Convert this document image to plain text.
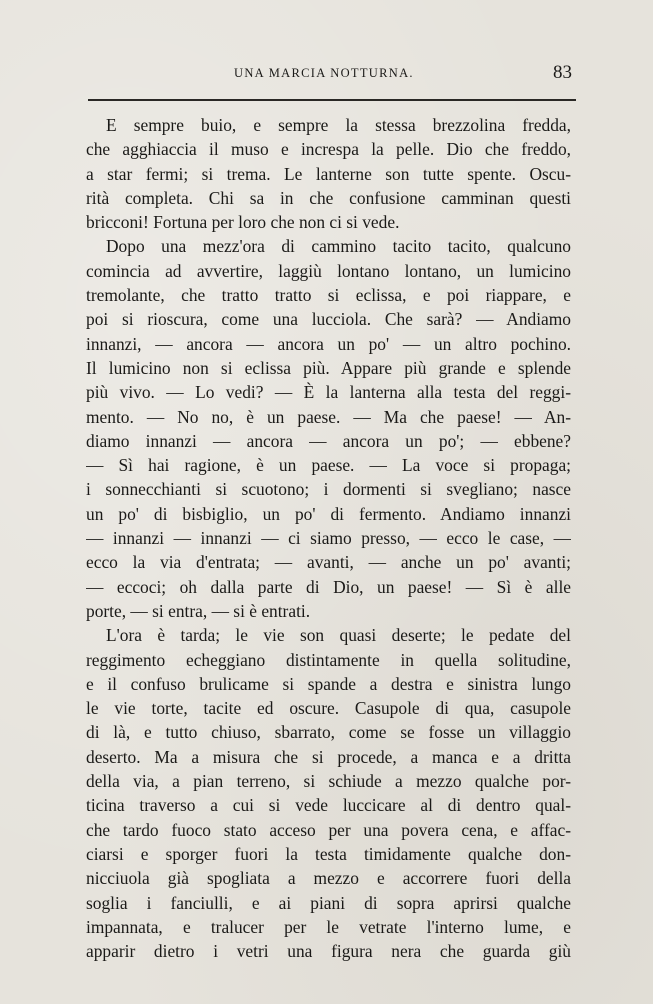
UNA MARCIA NOTTURNA.	83
E sempre buio, e sempre la stessa brezzolina fredda,
che agghiaccia il muso e increspa la pelle. Dio che freddo,
a star fermi; si trema. Le lanterne son tutte spente. Oscu-
rità completa. Chi sa in che confusione camminan questi
bricconi! Fortuna per loro che non ci si vede.
Dopo una mezz'ora di cammino tacito tacito, qualcuno
comincia ad avvertire, laggiù lontano lontano, un lumicino
tremolante, che tratto tratto si eclissa, e poi riappare, e
poi si rioscura, come una lucciola. Che sarà? — Andiamo
innanzi, — ancora — ancora un po' — un altro pochino.
Il lumicino non si eclissa più. Appare più grande e splende
più vivo. — Lo vedi? — È la lanterna alla testa del reggi-
mento. — No no, è un paese. — Ma che paese! — An-
diamo innanzi — ancora — ancora un po'; — ebbene?
— Sì hai ragione, è un paese. — La voce si propaga;
i sonnecchianti si scuotono; i dormenti si svegliano; nasce
un po' di bisbiglio, un po' di fermento. Andiamo innanzi
— innanzi — innanzi — ci siamo presso, — ecco le case, —
ecco la via d'entrata; — avanti, — anche un po' avanti;
— eccoci; oh dalla parte di Dio, un paese! — Sì è alle
porte, — si entra, — si è entrati.
L'ora è tarda; le vie son quasi deserte; le pedate del
reggimento echeggiano distintamente in quella solitudine,
e il confuso brulicame si spande a destra e sinistra lungo
le vie torte, tacite ed oscure. Casupole di qua, casupole
di là, e tutto chiuso, sbarrato, come se fosse un villaggio
deserto. Ma a misura che si procede, a manca e a dritta
della via, a pian terreno, si schiude a mezzo qualche por-
ticina traverso a cui si vede luccicare al di dentro qual-
che tardo fuoco stato acceso per una povera cena, e affac-
ciarsi e sporger fuori la testa timidamente qualche don-
nicciuola già spogliata a mezzo e accorrere fuori della
soglia i fanciulli, e ai piani di sopra aprirsi qualche
impannata, e tralucer per le vetrate l'interno lume, e
apparir dietro i vetri una figura nera che guarda giù
